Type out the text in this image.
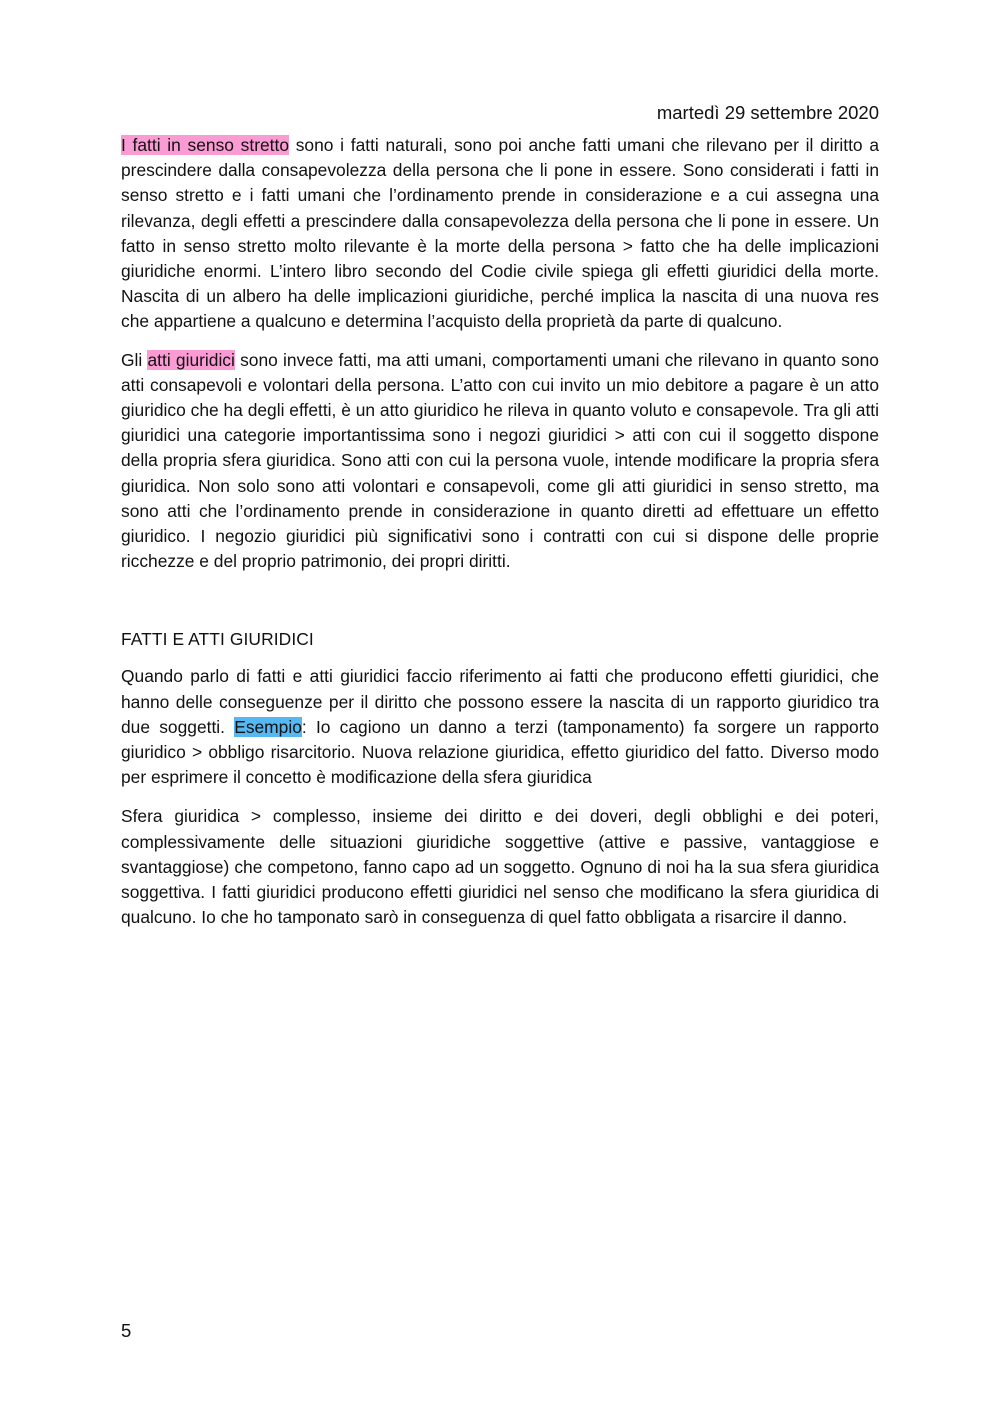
martedì 29 settembre 2020

I fatti in senso stretto sono i fatti naturali, sono poi anche fatti umani che rilevano per il diritto a prescindere dalla consapevolezza della persona che li pone in essere. Sono considerati i fatti in senso stretto e i fatti umani che l’ordinamento prende in considerazione e a cui assegna una rilevanza, degli effetti a prescindere dalla consapevolezza della persona che li pone in essere. Un fatto in senso stretto molto rilevante è la morte della persona > fatto che ha delle implicazioni giuridiche enormi. L’intero libro secondo del Codie civile spiega gli effetti giuridici della morte. Nascita di un albero ha delle implicazioni giuridiche, perché implica la nascita di una nuova res che appartiene a qualcuno e determina l’acquisto della proprietà da parte di qualcuno.

Gli atti giuridici sono invece fatti, ma atti umani, comportamenti umani che rilevano in quanto sono atti consapevoli e volontari della persona. L’atto con cui invito un mio debitore a pagare è un atto giuridico che ha degli effetti, è un atto giuridico he rileva in quanto voluto e consapevole. Tra gli atti giuridici una categorie importantissima sono i negozi giuridici > atti con cui il soggetto dispone della propria sfera giuridica. Sono atti con cui la persona vuole, intende modificare la propria sfera giuridica. Non solo sono atti volontari e consapevoli, come gli atti giuridici in senso stretto, ma sono atti che l’ordinamento prende in considerazione in quanto diretti ad effettuare un effetto giuridico. I negozio giuridici più significativi sono i contratti con cui si dispone delle proprie ricchezze e del proprio patrimonio, dei propri diritti.

FATTI E ATTI GIURIDICI

Quando parlo di fatti e atti giuridici faccio riferimento ai fatti che producono effetti giuridici, che hanno delle conseguenze per il diritto che possono essere la nascita di un rapporto giuridico tra due soggetti. Esempio: Io cagiono un danno a terzi (tamponamento) fa sorgere un rapporto giuridico > obbligo risarcitorio. Nuova relazione giuridica, effetto giuridico del fatto. Diverso modo per esprimere il concetto è modificazione della sfera giuridica

Sfera giuridica > complesso, insieme dei diritto e dei doveri, degli obblighi e dei poteri, complessivamente delle situazioni giuridiche soggettive (attive e passive, vantaggiose e svantaggiose) che competono, fanno capo ad un soggetto. Ognuno di noi ha la sua sfera giuridica soggettiva. I fatti giuridici producono effetti giuridici nel senso che modificano la sfera giuridica di qualcuno. Io che ho tamponato sarò in conseguenza di quel fatto obbligata a risarcire il danno.

5
